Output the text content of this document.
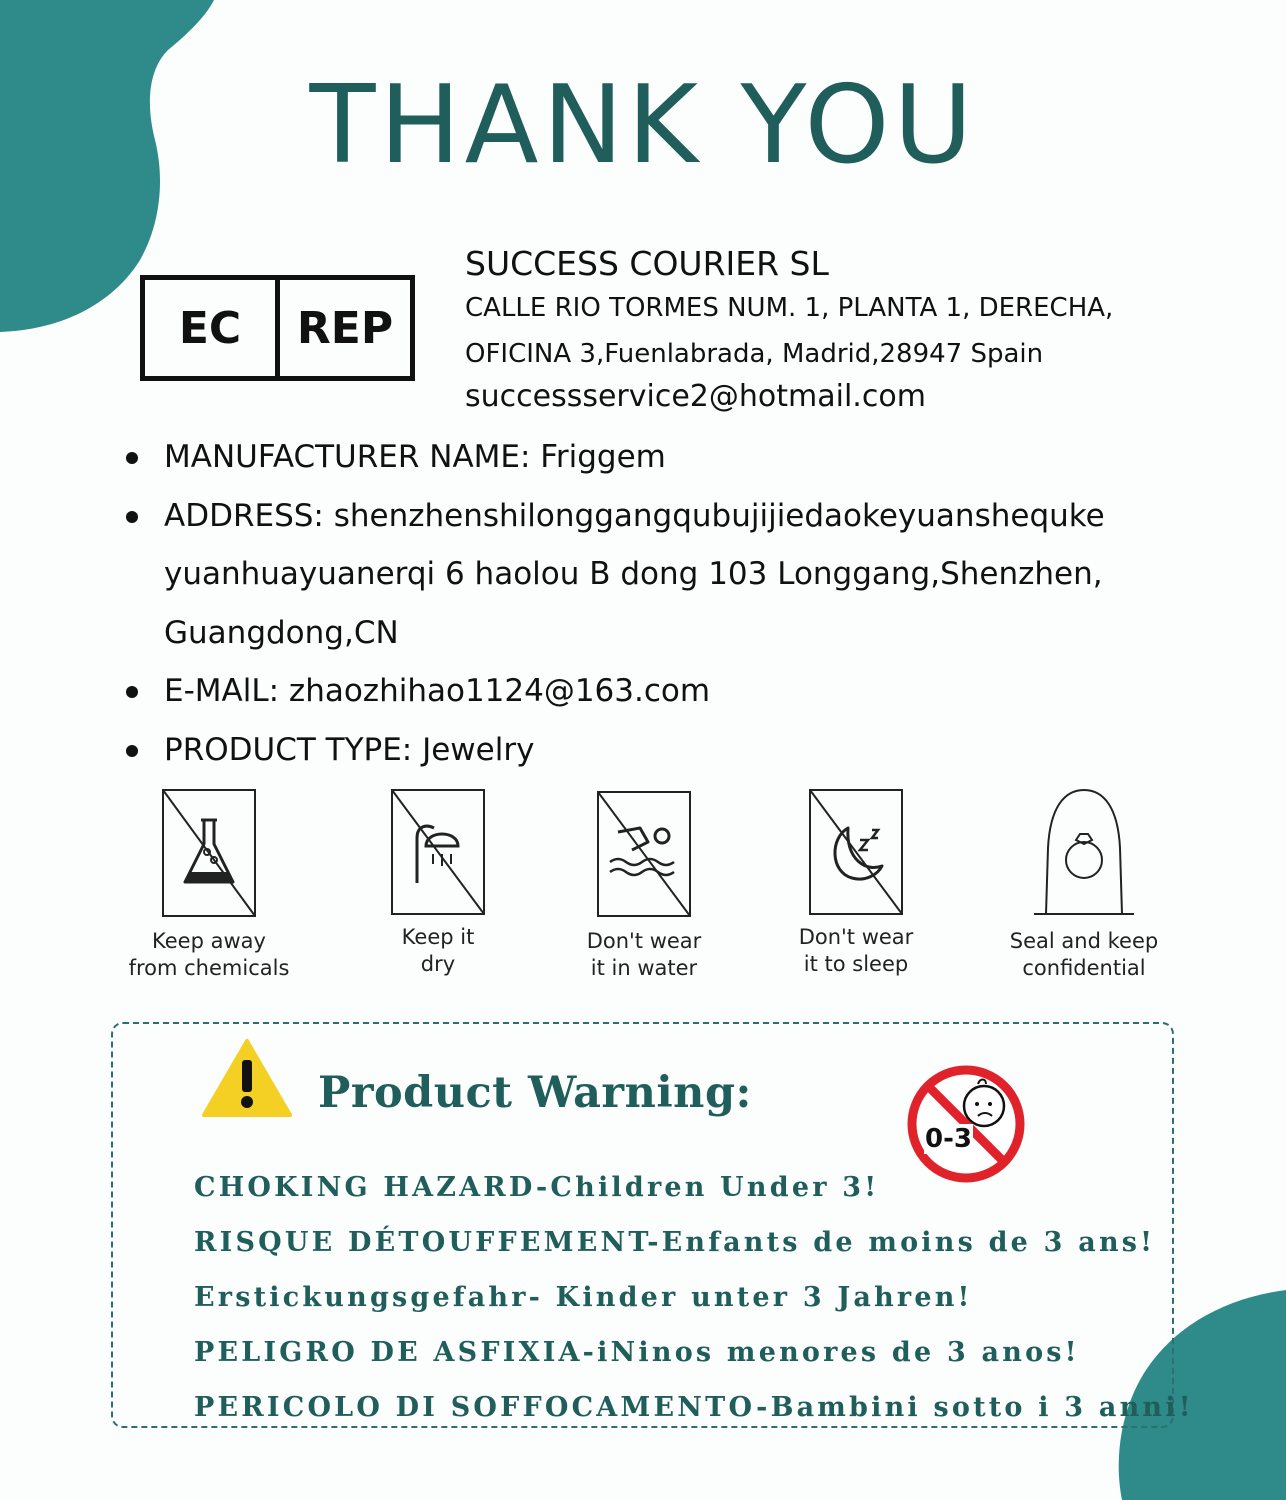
THANK YOU
EC	REP
SUCCESS COURIER SL
CALLE RIO TORMES NUM. 1, PLANTA 1, DERECHA,
OFICINA 3,Fuenlabrada, Madrid,28947 Spain
successservice2@hotmail.com
MANUFACTURER NAME: Friggem
ADDRESS: shenzhenshilonggangqubujijiedaokeyuanshequke yuanhuayuanerqi 6 haolou B dong 103 Longgang,Shenzhen, Guangdong,CN
E-MAlL: zhaozhihao1124@163.com
PRODUCT TYPE: Jewelry
Keep away
from chemicals
Keep it
dry
Don't wear
it in water
Don't wear
it to sleep
Seal and keep
confidential
Product Warning:
0-3
CHOKING HAZARD-Children Under 3!
RISQUE DÉTOUFFEMENT-Enfants de moins de 3 ans!
Erstickungsgefahr- Kinder unter 3 Jahren!
PELIGRO DE ASFIXIA-iNinos menores de 3 anos!
PERICOLO DI SOFFOCAMENTO-Bambini sotto i 3 anni!
